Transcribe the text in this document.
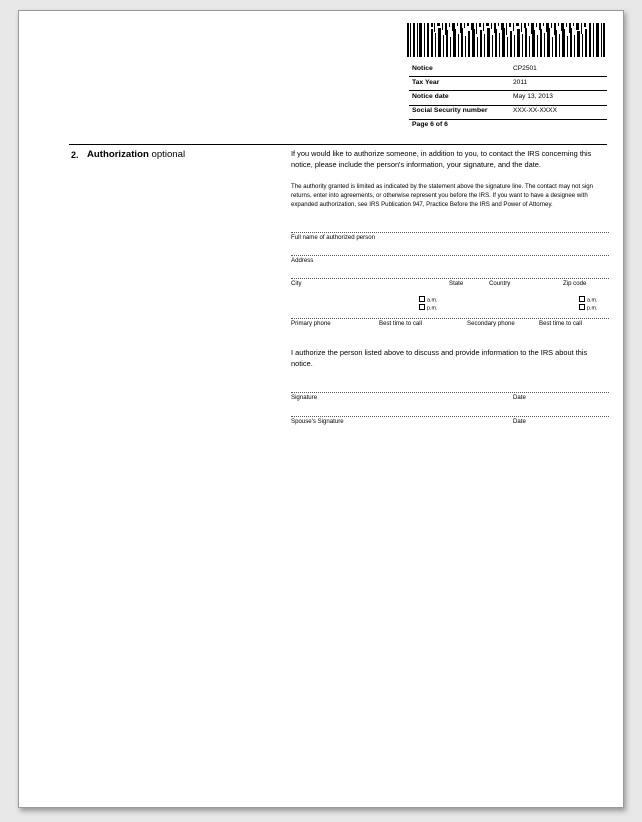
Notice	CP2501
Tax Year	2011
Notice date	May 13, 2013
Social Security number	XXX-XX-XXXX
Page 6 of 6
2. Authorization optional	If you would like to authorize someone, in addition to you, to contact the IRS concerning this notice, please include the person's information, your signature, and the date.

The authority granted is limited as indicated by the statement above the signature line. The contact may not sign returns, enter into agreements, or otherwise represent you before the IRS. If you want to have a designee with expanded authorization, see IRS Publication 947, Practice Before the IRS and Power of Attorney.

Full name of authorized person
Address
City	State	Country	Zip code
a.m.
p.m.
a.m.
p.m.
Primary phone	Best time to call	Secondary phone	Best time to call

I authorize the person listed above to discuss and provide information to the IRS about this notice.

Signature	Date
Spouse's Signature	Date
